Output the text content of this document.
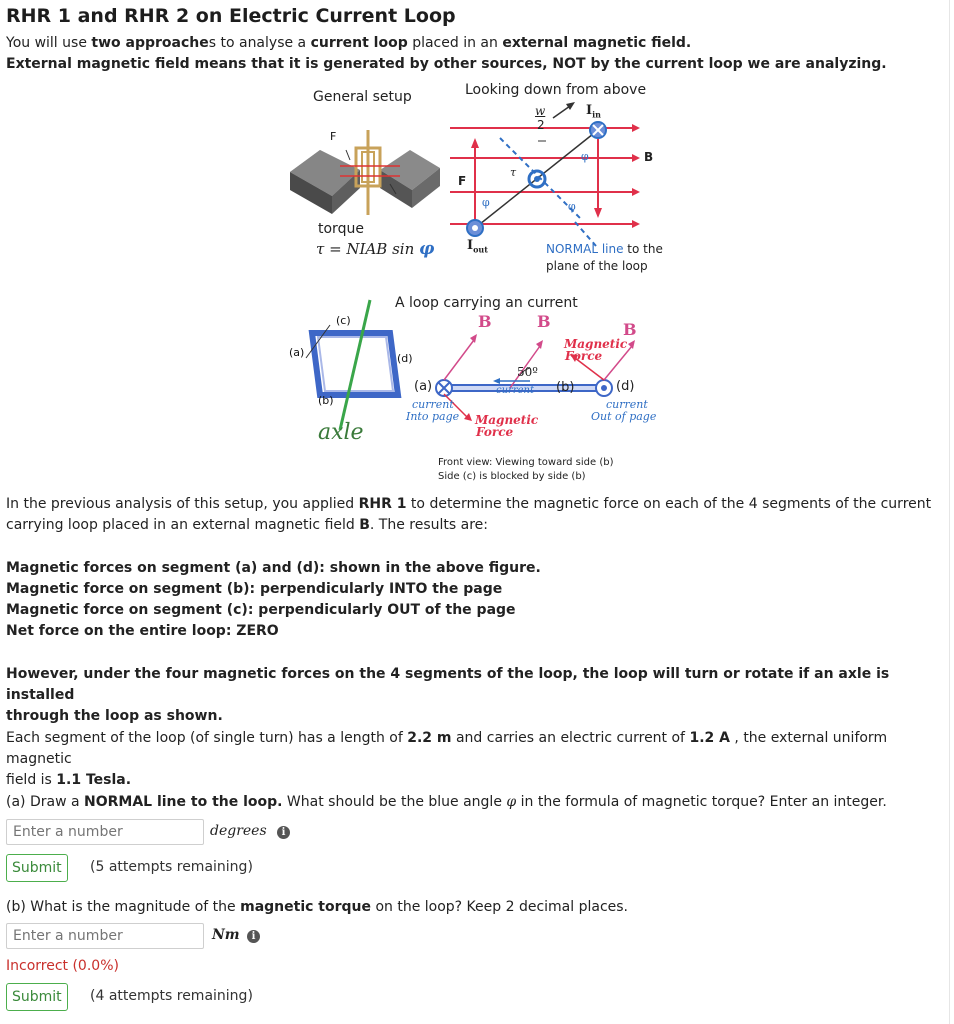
RHR 1 and RHR 2 on Electric Current Loop
You will use two approaches to analyse a current loop placed in an external magnetic field.
External magnetic field means that it is generated by other sources, NOT by the current loop we are analyzing.
General setup	Looking down from above
F
w
2
$I_{in}$
B
F
τ
φ
φ	φ
torque
τ = NIAB sin φ	$I_{out}$	NORMAL line to the
plane of the loop
A loop carrying an current
(c)
(a)	(d)
(b)
axle
B	B	B
Magnetic
Force
50º
(a)	current (b)	(d)
current
Into page Magnetic
Force
current
Out of page
Front view: Viewing toward side (b)
Side (c) is blocked by side (b)
In the previous analysis of this setup, you applied RHR 1 to determine the magnetic force on each of the 4 segments of the current
carrying loop placed in an external magnetic field B. The results are:
Magnetic forces on segment (a) and (d): shown in the above figure.
Magnetic force on segment (b): perpendicularly INTO the page
Magnetic force on segment (c): perpendicularly OUT of the page
Net force on the entire loop: ZERO
However, under the four magnetic forces on the 4 segments of the loop, the loop will turn or rotate if an axle is installed
through the loop as shown.
Each segment of the loop (of single turn) has a length of 2.2 m and carries an electric current of 1.2 A , the external uniform magnetic
field is 1.1 Tesla.
(a) Draw a NORMAL line to the loop. What should be the blue angle φ in the formula of magnetic torque? Enter an integer.
Enter a number
degrees	i
Submit	(5 attempts remaining)
(b) What is the magnitude of the magnetic torque on the loop? Keep 2 decimal places.
Enter a number
Nm	i
Incorrect (0.0%)
Submit	(4 attempts remaining)
